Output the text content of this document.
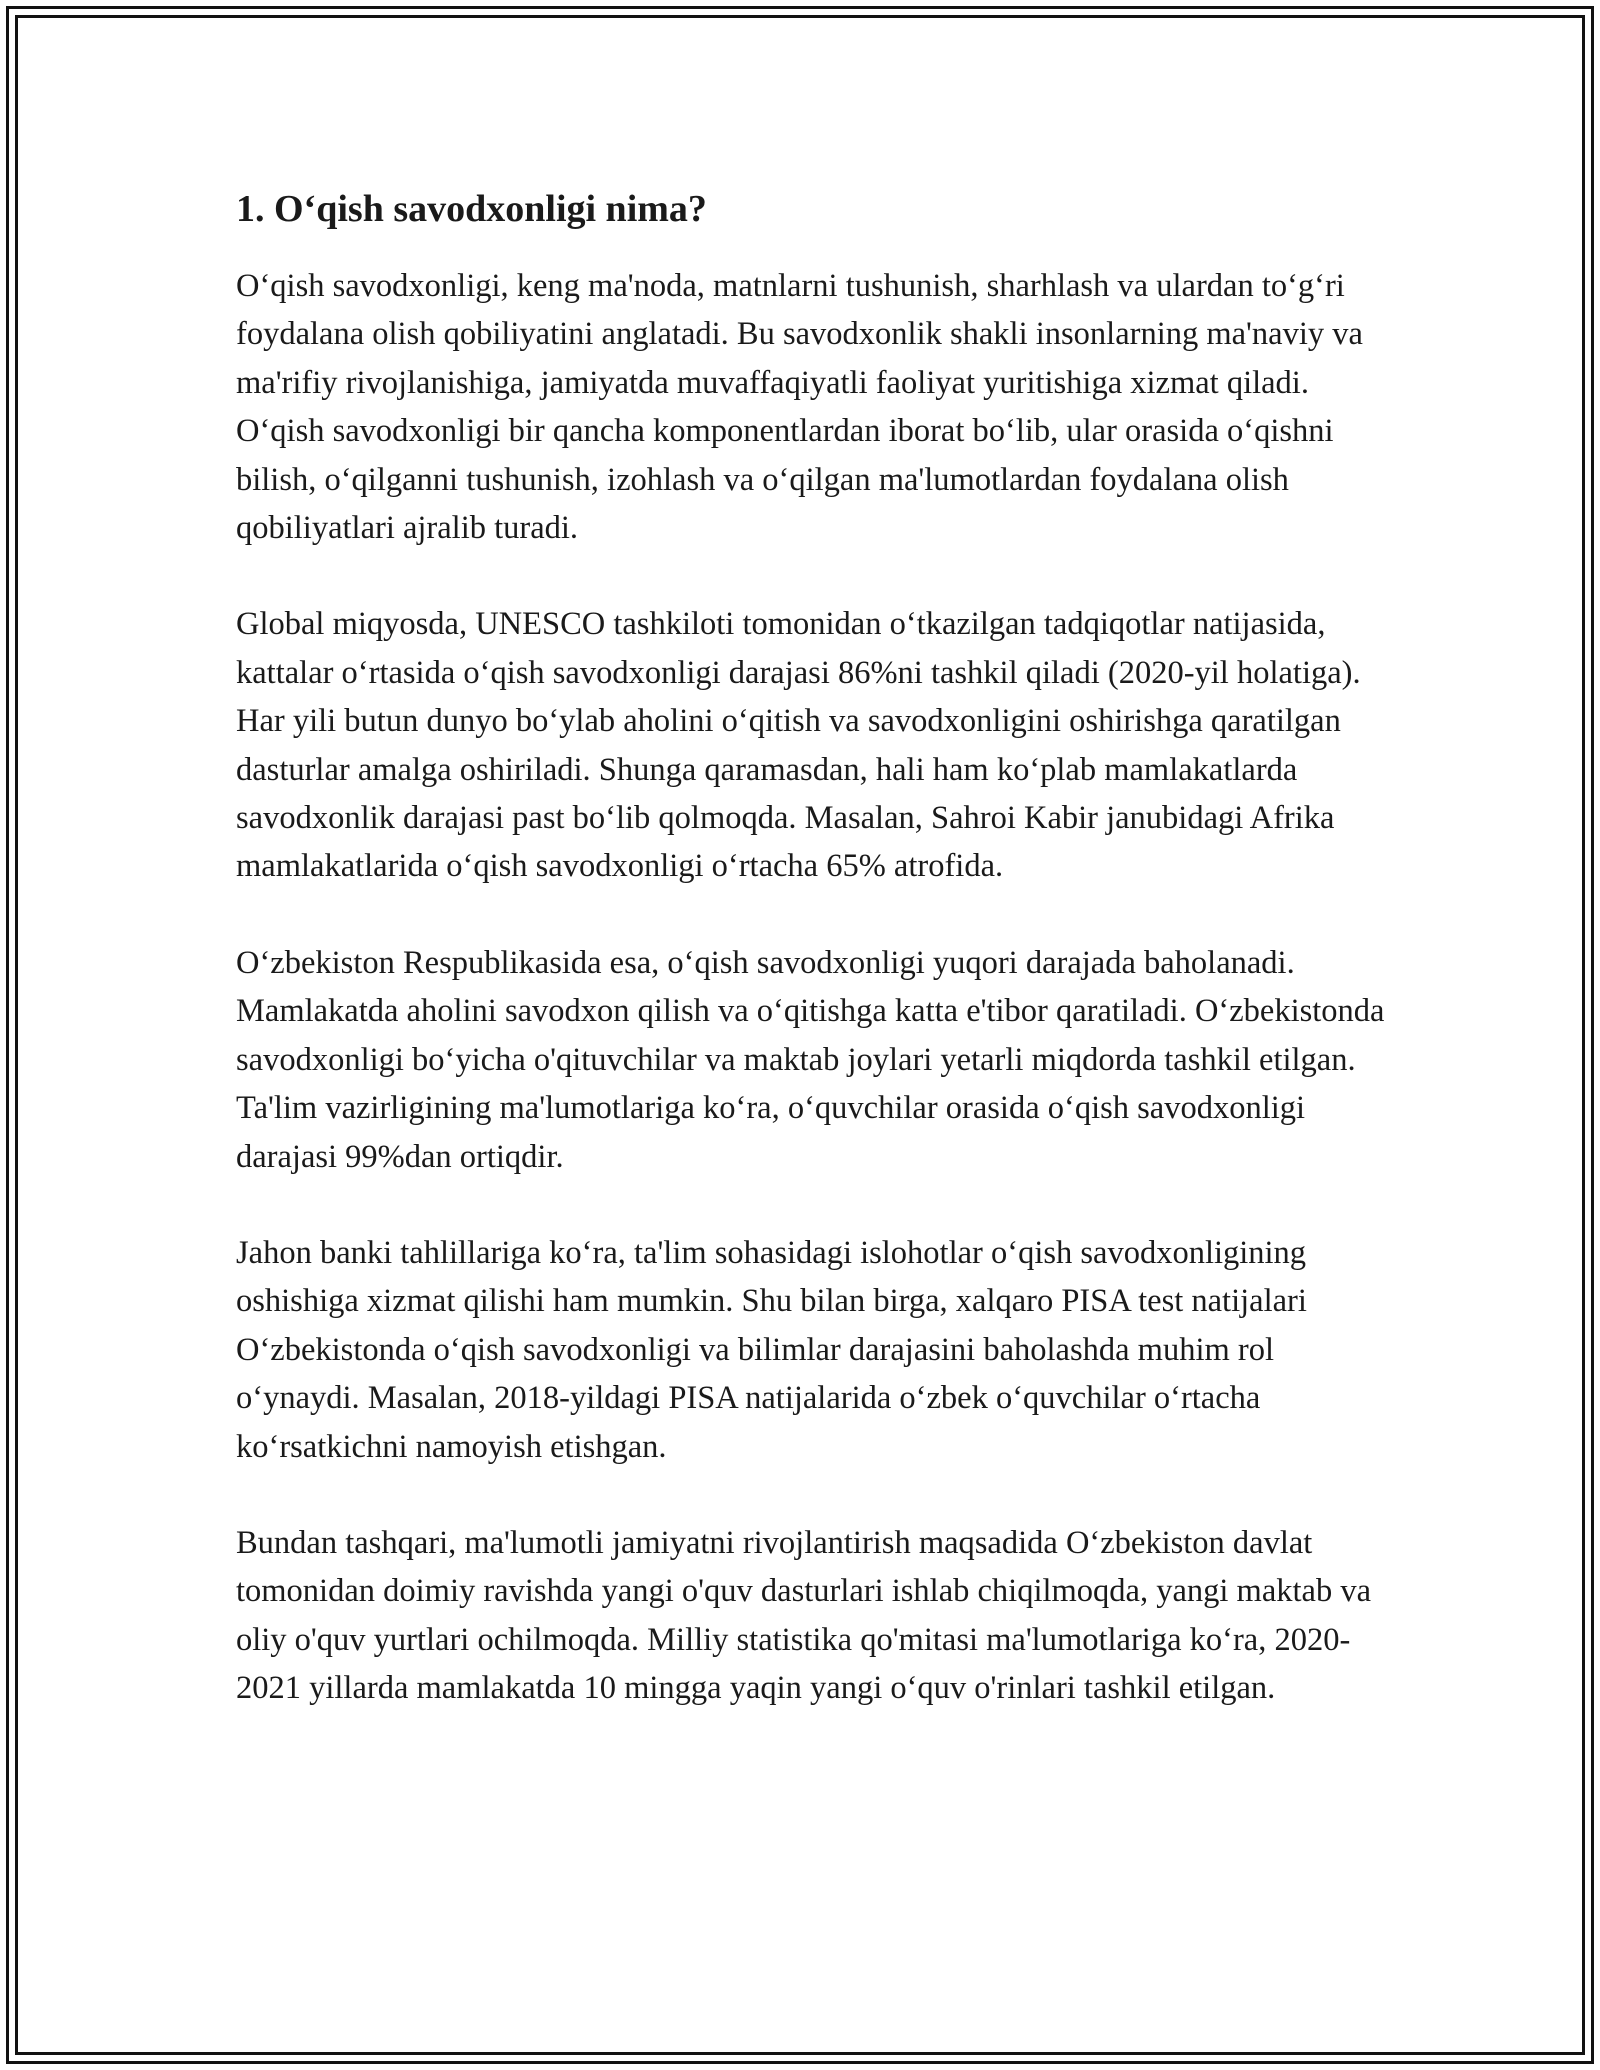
1. O‘qish savodxonligi nima?

O‘qish savodxonligi, keng ma'noda, matnlarni tushunish, sharhlash va ulardan to‘g‘ri foydalana olish qobiliyatini anglatadi. Bu savodxonlik shakli insonlarning ma'naviy va ma'rifiy rivojlanishiga, jamiyatda muvaffaqiyatli faoliyat yuritishiga xizmat qiladi. O‘qish savodxonligi bir qancha komponentlardan iborat bo‘lib, ular orasida o‘qishni bilish, o‘qilganni tushunish, izohlash va o‘qilgan ma'lumotlardan foydalana olish qobiliyatlari ajralib turadi.

Global miqyosda, UNESCO tashkiloti tomonidan o‘tkazilgan tadqiqotlar natijasida, kattalar o‘rtasida o‘qish savodxonligi darajasi 86%ni tashkil qiladi (2020-yil holatiga). Har yili butun dunyo bo‘ylab aholini o‘qitish va savodxonligini oshirishga qaratilgan dasturlar amalga oshiriladi. Shunga qaramasdan, hali ham ko‘plab mamlakatlarda savodxonlik darajasi past bo‘lib qolmoqda. Masalan, Sahroi Kabir janubidagi Afrika mamlakatlarida o‘qish savodxonligi o‘rtacha 65% atrofida.

O‘zbekiston Respublikasida esa, o‘qish savodxonligi yuqori darajada baholanadi. Mamlakatda aholini savodxon qilish va o‘qitishga katta e'tibor qaratiladi. O‘zbekistonda savodxonligi bo‘yicha o'qituvchilar va maktab joylari yetarli miqdorda tashkil etilgan. Ta'lim vazirligining ma'lumotlariga ko‘ra, o‘quvchilar orasida o‘qish savodxonligi darajasi 99%dan ortiqdir.

Jahon banki tahlillariga ko‘ra, ta'lim sohasidagi islohotlar o‘qish savodxonligining oshishiga xizmat qilishi ham mumkin. Shu bilan birga, xalqaro PISA test natijalari O‘zbekistonda o‘qish savodxonligi va bilimlar darajasini baholashda muhim rol o‘ynaydi. Masalan, 2018-yildagi PISA natijalarida o‘zbek o‘quvchilar o‘rtacha ko‘rsatkichni namoyish etishgan.

Bundan tashqari, ma'lumotli jamiyatni rivojlantirish maqsadida O‘zbekiston davlat tomonidan doimiy ravishda yangi o'quv dasturlari ishlab chiqilmoqda, yangi maktab va oliy o'quv yurtlari ochilmoqda. Milliy statistika qo'mitasi ma'lumotlariga ko‘ra, 2020-2021 yillarda mamlakatda 10 mingga yaqin yangi o‘quv o'rinlari tashkil etilgan.
